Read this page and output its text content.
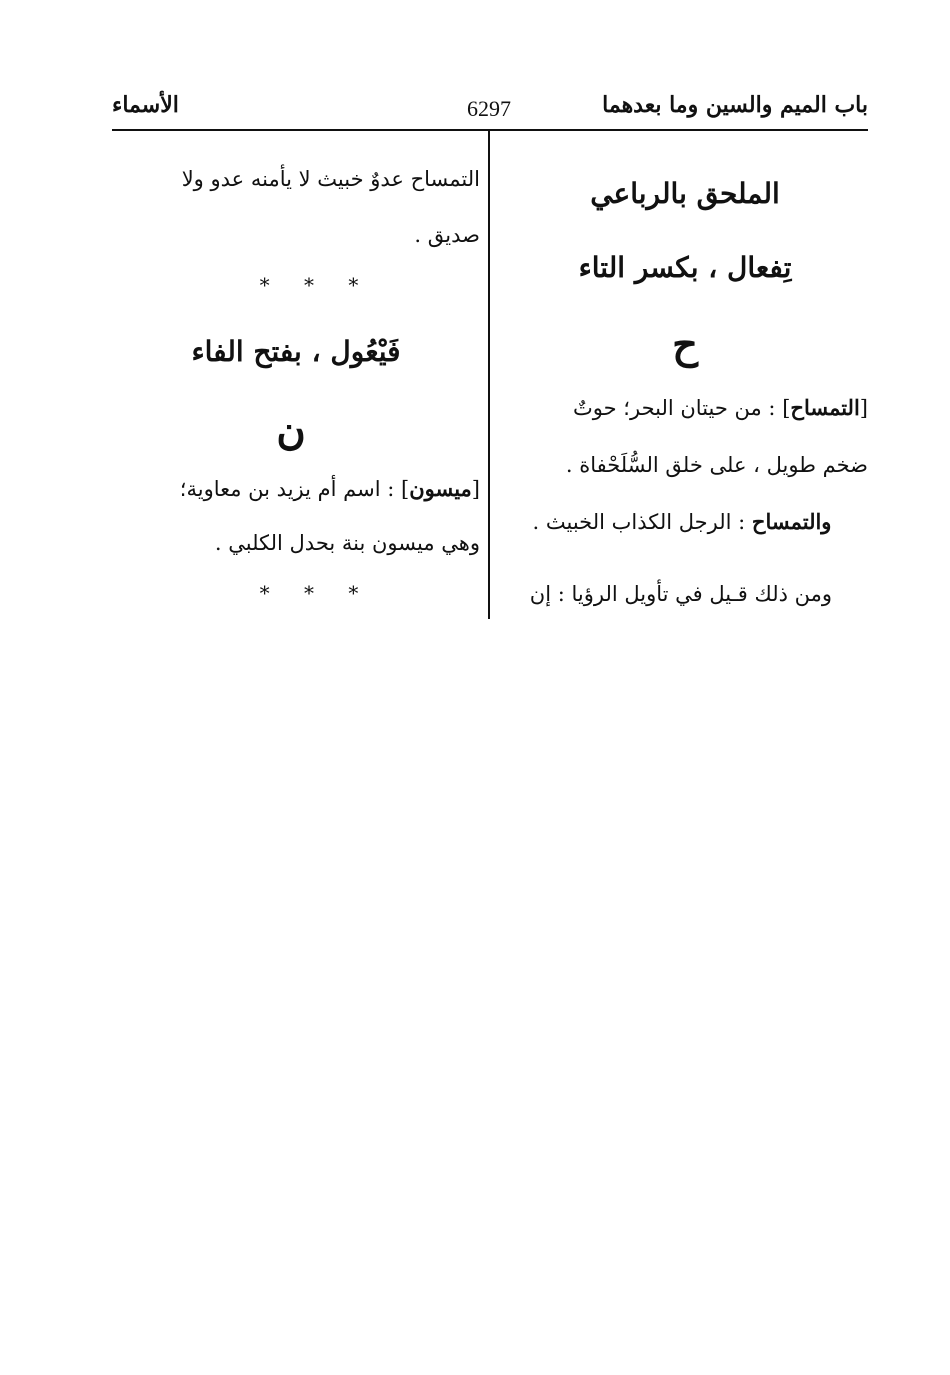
باب الميم والسين وما بعدهما
6297
الأسماء
الملحق بالرباعي
تِفعال ، بكسر التاء
ح
[التمساح] : من حيتان البحر؛ حوتٌ
ضخم طويل ، على خلق السُّلَحْفاة .
والتمساح : الرجل الكذاب الخبيث .
ومن ذلك قـيل في تأويل الرؤيا : إن
التمساح عدوٌ خبيث لا يأمنه عدو ولا
صديق .
* * *
فَيْعُول ، بفتح الفاء
ن
[ميسون] : اسم أم يزيد بن معاوية؛
وهي ميسون بنة بحدل الكلبي .
* * *
